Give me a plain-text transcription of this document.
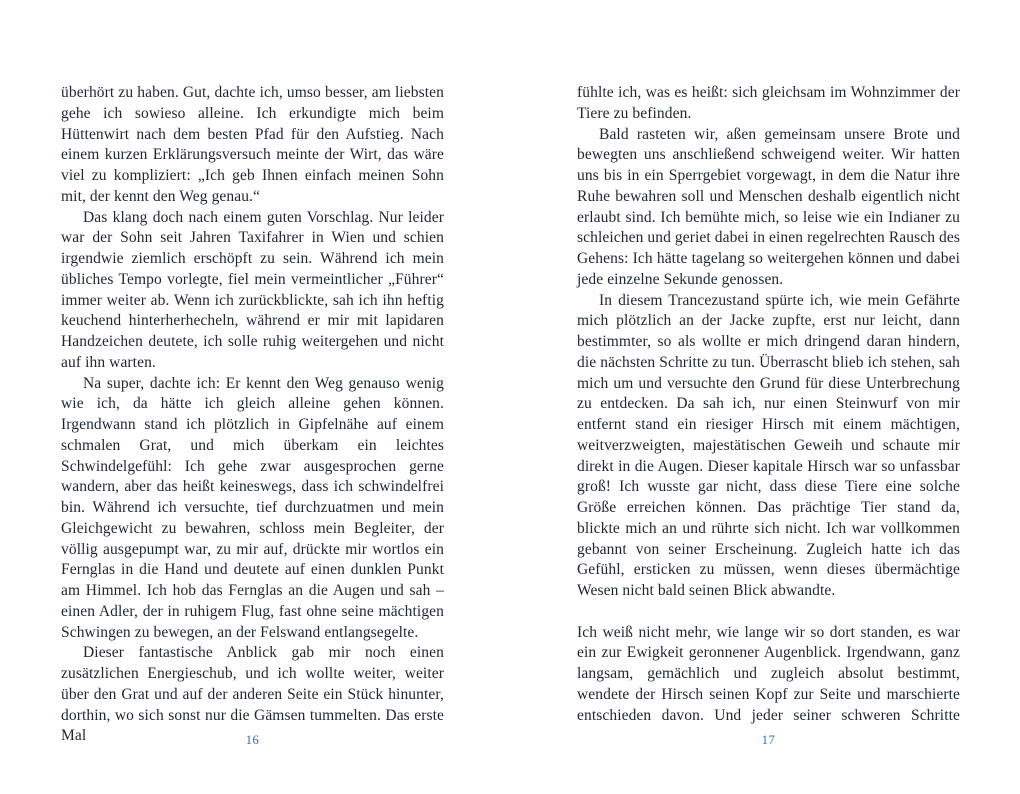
überhört zu haben. Gut, dachte ich, umso besser, am liebsten gehe ich sowieso alleine. Ich erkundigte mich beim Hüttenwirt nach dem besten Pfad für den Aufstieg. Nach einem kurzen Erklärungsversuch meinte der Wirt, das wäre viel zu kompliziert: „Ich geb Ihnen einfach meinen Sohn mit, der kennt den Weg genau.“

Das klang doch nach einem guten Vorschlag. Nur leider war der Sohn seit Jahren Taxifahrer in Wien und schien irgendwie ziemlich erschöpft zu sein. Während ich mein übliches Tempo vorlegte, fiel mein vermeintlicher „Führer“ immer weiter ab. Wenn ich zurückblickte, sah ich ihn heftig keuchend hinterherhecheln, während er mir mit lapidaren Handzeichen deutete, ich solle ruhig weitergehen und nicht auf ihn warten.

Na super, dachte ich: Er kennt den Weg genauso wenig wie ich, da hätte ich gleich alleine gehen können. Irgendwann stand ich plötzlich in Gipfelnähe auf einem schmalen Grat, und mich überkam ein leichtes Schwindelgefühl: Ich gehe zwar ausgesprochen gerne wandern, aber das heißt keineswegs, dass ich schwindelfrei bin. Während ich versuchte, tief durchzuatmen und mein Gleichgewicht zu bewahren, schloss mein Begleiter, der völlig ausgepumpt war, zu mir auf, drückte mir wortlos ein Fernglas in die Hand und deutete auf einen dunklen Punkt am Himmel. Ich hob das Fernglas an die Augen und sah – einen Adler, der in ruhigem Flug, fast ohne seine mächtigen Schwingen zu bewegen, an der Felswand entlangsegelte.

Dieser fantastische Anblick gab mir noch einen zusätzlichen Energieschub, und ich wollte weiter, weiter über den Grat und auf der anderen Seite ein Stück hinunter, dorthin, wo sich sonst nur die Gämsen tummelten. Das erste Mal

fühlte ich, was es heißt: sich gleichsam im Wohnzimmer der Tiere zu befinden.

Bald rasteten wir, aßen gemeinsam unsere Brote und bewegten uns anschließend schweigend weiter. Wir hatten uns bis in ein Sperrgebiet vorgewagt, in dem die Natur ihre Ruhe bewahren soll und Menschen deshalb eigentlich nicht erlaubt sind. Ich bemühte mich, so leise wie ein Indianer zu schleichen und geriet dabei in einen regelrechten Rausch des Gehens: Ich hätte tagelang so weitergehen können und dabei jede einzelne Sekunde genossen.

In diesem Trancezustand spürte ich, wie mein Gefährte mich plötzlich an der Jacke zupfte, erst nur leicht, dann bestimmter, so als wollte er mich dringend daran hindern, die nächsten Schritte zu tun. Überrascht blieb ich stehen, sah mich um und versuchte den Grund für diese Unterbrechung zu entdecken. Da sah ich, nur einen Steinwurf von mir entfernt stand ein riesiger Hirsch mit einem mächtigen, weitverzweigten, majestätischen Geweih und schaute mir direkt in die Augen. Dieser kapitale Hirsch war so unfassbar groß! Ich wusste gar nicht, dass diese Tiere eine solche Größe erreichen können. Das prächtige Tier stand da, blickte mich an und rührte sich nicht. Ich war vollkommen gebannt von seiner Erscheinung. Zugleich hatte ich das Gefühl, ersticken zu müssen, wenn dieses übermächtige Wesen nicht bald seinen Blick abwandte.

Ich weiß nicht mehr, wie lange wir so dort standen, es war ein zur Ewigkeit geronnener Augenblick. Irgendwann, ganz langsam, gemächlich und zugleich absolut bestimmt, wendete der Hirsch seinen Kopf zur Seite und marschierte entschieden davon. Und jeder seiner schweren Schritte

16	17
